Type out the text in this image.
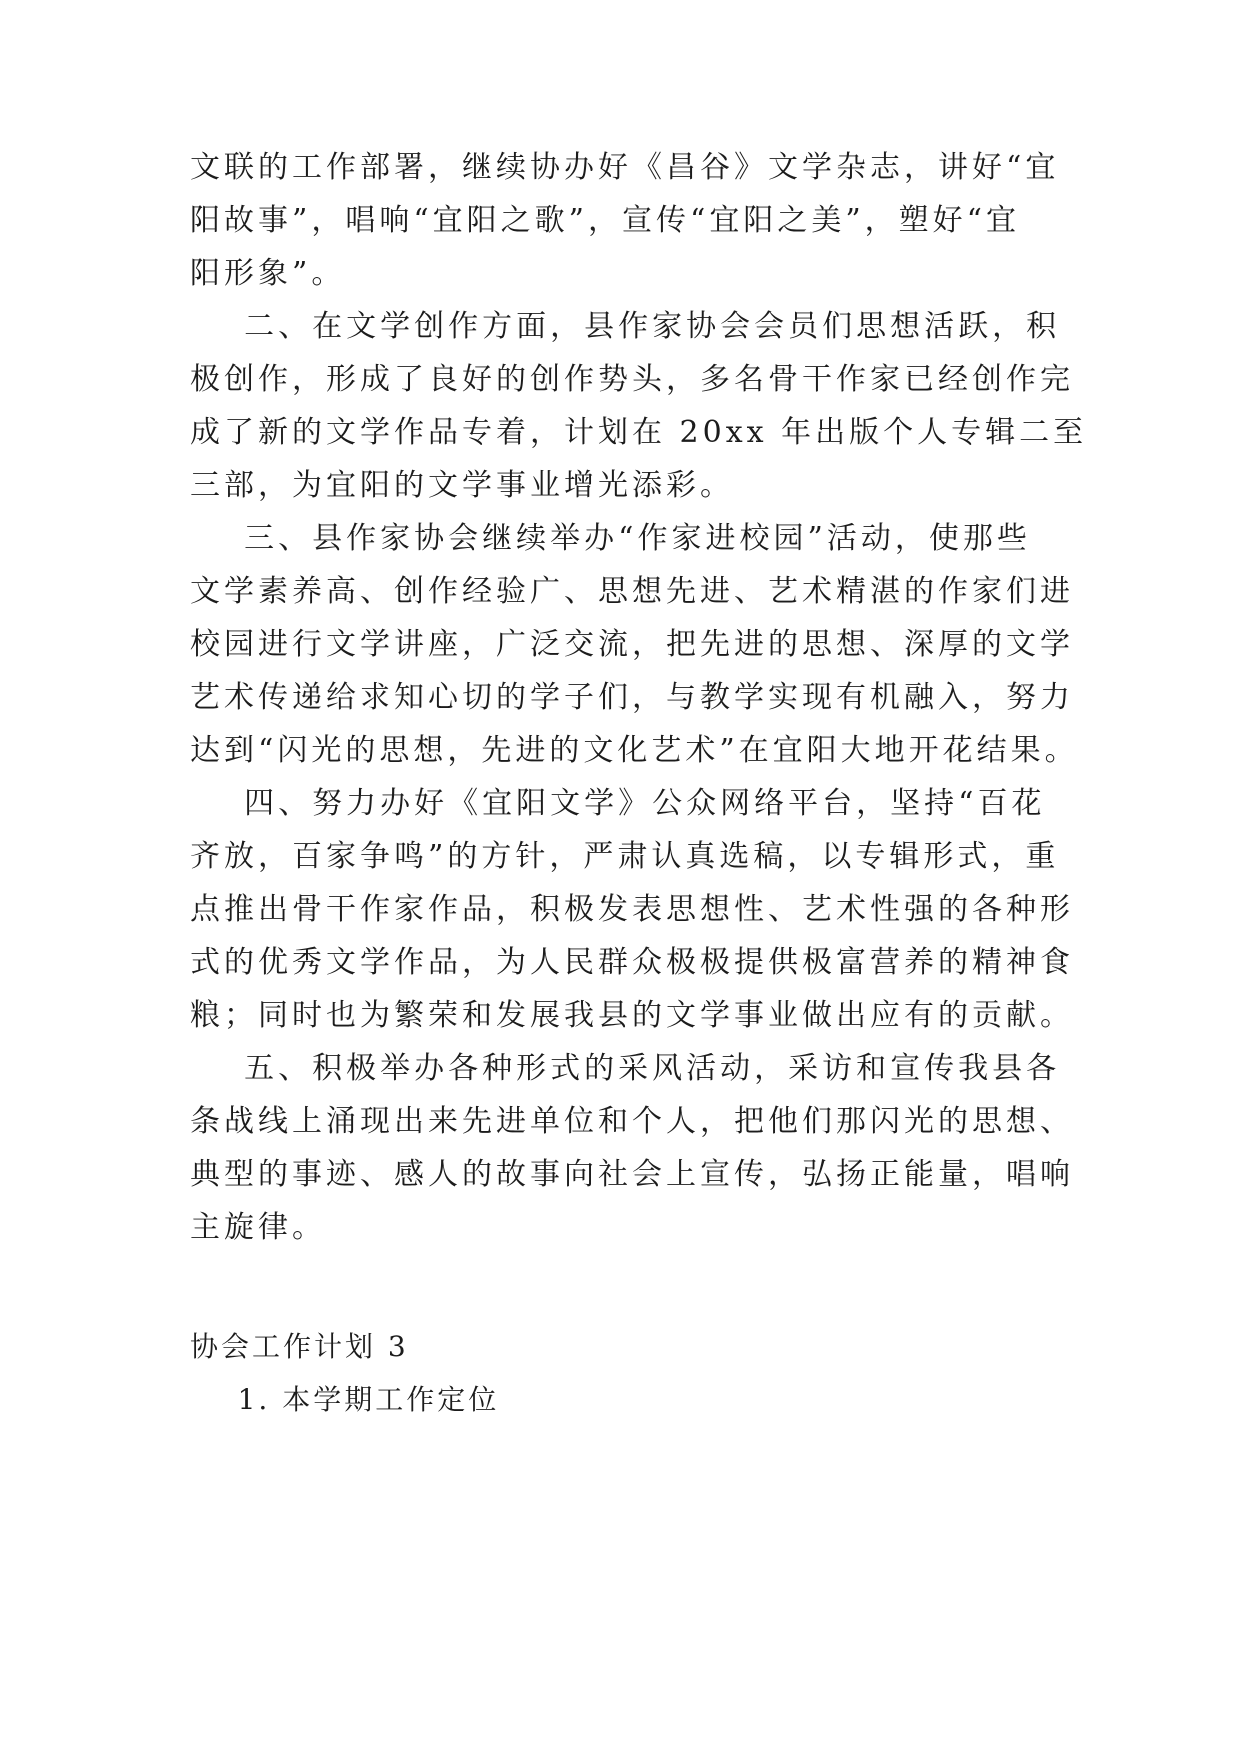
文联的工作部署，继续协办好《昌谷》文学杂志，讲好“宜
阳故事”，唱响“宜阳之歌”，宣传“宜阳之美”，塑好“宜
阳形象”。
二、在文学创作方面，县作家协会会员们思想活跃，积
极创作，形成了良好的创作势头，多名骨干作家已经创作完
成了新的文学作品专着，计划在 20xx 年出版个人专辑二至
三部，为宜阳的文学事业增光添彩。
三、县作家协会继续举办“作家进校园”活动，使那些
文学素养高、创作经验广、思想先进、艺术精湛的作家们进
校园进行文学讲座，广泛交流，把先进的思想、深厚的文学
艺术传递给求知心切的学子们，与教学实现有机融入，努力
达到“闪光的思想，先进的文化艺术”在宜阳大地开花结果。
四、努力办好《宜阳文学》公众网络平台，坚持“百花
齐放，百家争鸣”的方针，严肃认真选稿，以专辑形式，重
点推出骨干作家作品，积极发表思想性、艺术性强的各种形
式的优秀文学作品，为人民群众极极提供极富营养的精神食
粮；同时也为繁荣和发展我县的文学事业做出应有的贡献。
五、积极举办各种形式的采风活动，采访和宣传我县各
条战线上涌现出来先进单位和个人，把他们那闪光的思想、
典型的事迹、感人的故事向社会上宣传，弘扬正能量，唱响
主旋律。
协会工作计划 3
1. 本学期工作定位
